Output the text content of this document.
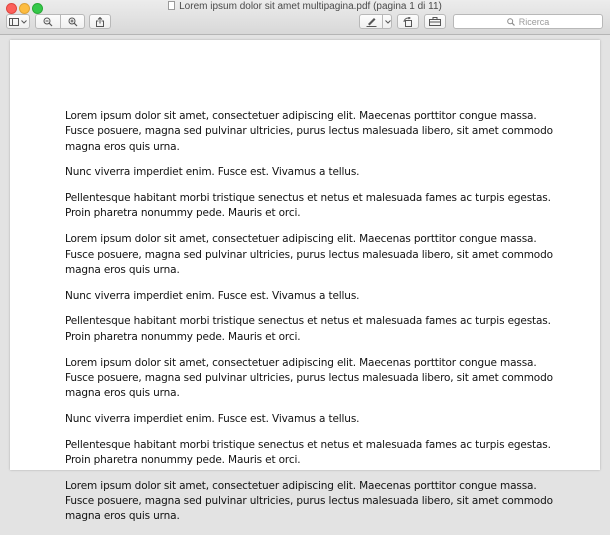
Lorem ipsum dolor sit amet multipagina.pdf (pagina 1 di 11)
Ricerca

Lorem ipsum dolor sit amet, consectetuer adipiscing elit. Maecenas porttitor congue massa. Fusce posuere, magna sed pulvinar ultricies, purus lectus malesuada libero, sit amet commodo magna eros quis urna.

Nunc viverra imperdiet enim. Fusce est. Vivamus a tellus.

Pellentesque habitant morbi tristique senectus et netus et malesuada fames ac turpis egestas. Proin pharetra nonummy pede. Mauris et orci.

Lorem ipsum dolor sit amet, consectetuer adipiscing elit. Maecenas porttitor congue massa. Fusce posuere, magna sed pulvinar ultricies, purus lectus malesuada libero, sit amet commodo magna eros quis urna.

Nunc viverra imperdiet enim. Fusce est. Vivamus a tellus.

Pellentesque habitant morbi tristique senectus et netus et malesuada fames ac turpis egestas. Proin pharetra nonummy pede. Mauris et orci.

Lorem ipsum dolor sit amet, consectetuer adipiscing elit. Maecenas porttitor congue massa. Fusce posuere, magna sed pulvinar ultricies, purus lectus malesuada libero, sit amet commodo magna eros quis urna.

Nunc viverra imperdiet enim. Fusce est. Vivamus a tellus.

Pellentesque habitant morbi tristique senectus et netus et malesuada fames ac turpis egestas. Proin pharetra nonummy pede. Mauris et orci.

Lorem ipsum dolor sit amet, consectetuer adipiscing elit. Maecenas porttitor congue massa. Fusce posuere, magna sed pulvinar ultricies, purus lectus malesuada libero, sit amet commodo magna eros quis urna.
